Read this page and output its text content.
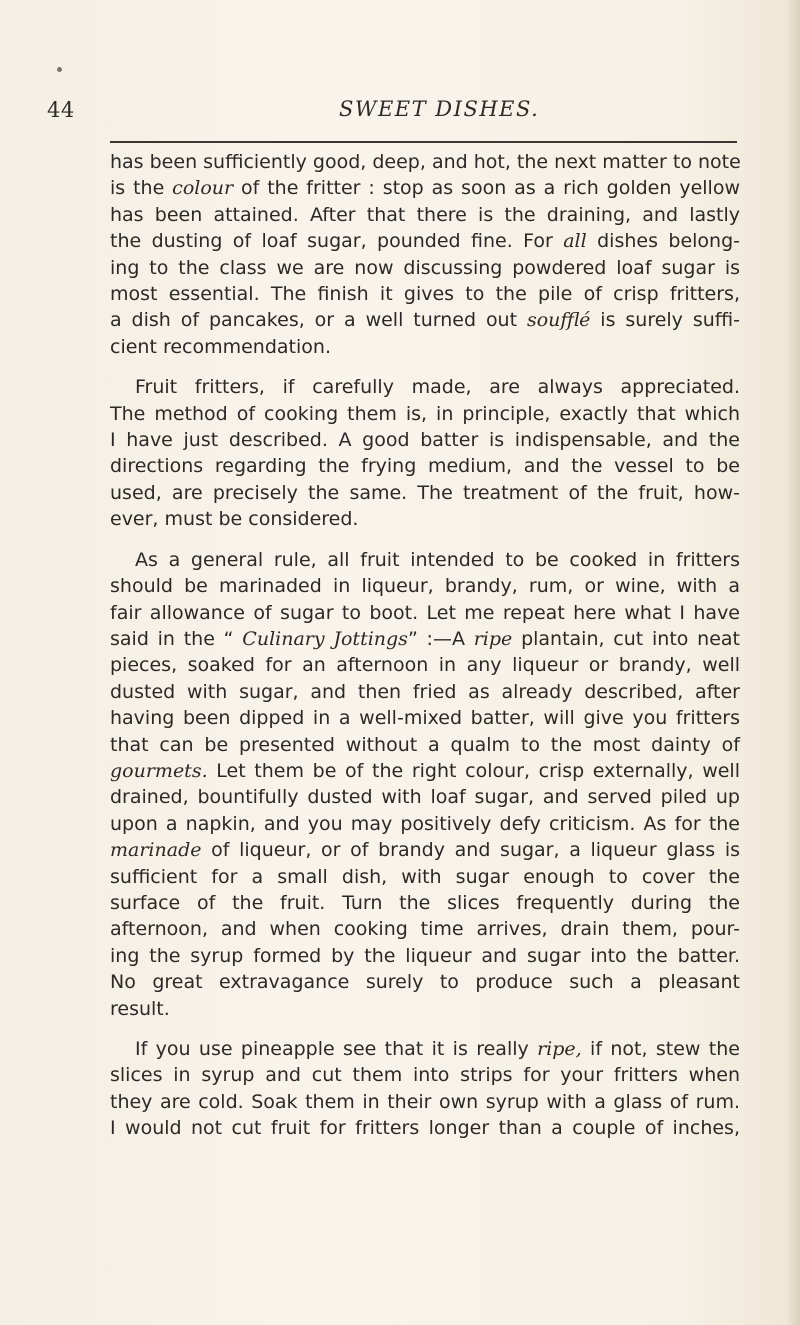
44	SWEET DISHES.
has been sufficiently good, deep, and hot, the next matter to note
is the colour of the fritter : stop as soon as a rich golden yellow
has been attained. After that there is the draining, and lastly
the dusting of loaf sugar, pounded fine. For all dishes belong-
ing to the class we are now discussing powdered loaf sugar is
most essential. The finish it gives to the pile of crisp fritters,
a dish of pancakes, or a well turned out soufflé is surely suffi-
cient recommendation.
Fruit fritters, if carefully made, are always appreciated.
The method of cooking them is, in principle, exactly that which
I have just described. A good batter is indispensable, and the
directions regarding the frying medium, and the vessel to be
used, are precisely the same. The treatment of the fruit, how-
ever, must be considered.
As a general rule, all fruit intended to be cooked in fritters
should be marinaded in liqueur, brandy, rum, or wine, with a
fair allowance of sugar to boot. Let me repeat here what I have
said in the “ Culinary Jottings” :—A ripe plantain, cut into neat
pieces, soaked for an afternoon in any liqueur or brandy, well
dusted with sugar, and then fried as already described, after
having been dipped in a well-mixed batter, will give you fritters
that can be presented without a qualm to the most dainty of
gourmets. Let them be of the right colour, crisp externally, well
drained, bountifully dusted with loaf sugar, and served piled up
upon a napkin, and you may positively defy criticism. As for the
marinade of liqueur, or of brandy and sugar, a liqueur glass is
sufficient for a small dish, with sugar enough to cover the
surface of the fruit. Turn the slices frequently during the
afternoon, and when cooking time arrives, drain them, pour-
ing the syrup formed by the liqueur and sugar into the batter.
No great extravagance surely to produce such a pleasant
result.
If you use pineapple see that it is really ripe, if not, stew the
slices in syrup and cut them into strips for your fritters when
they are cold. Soak them in their own syrup with a glass of rum.
I would not cut fruit for fritters longer than a couple of inches,
